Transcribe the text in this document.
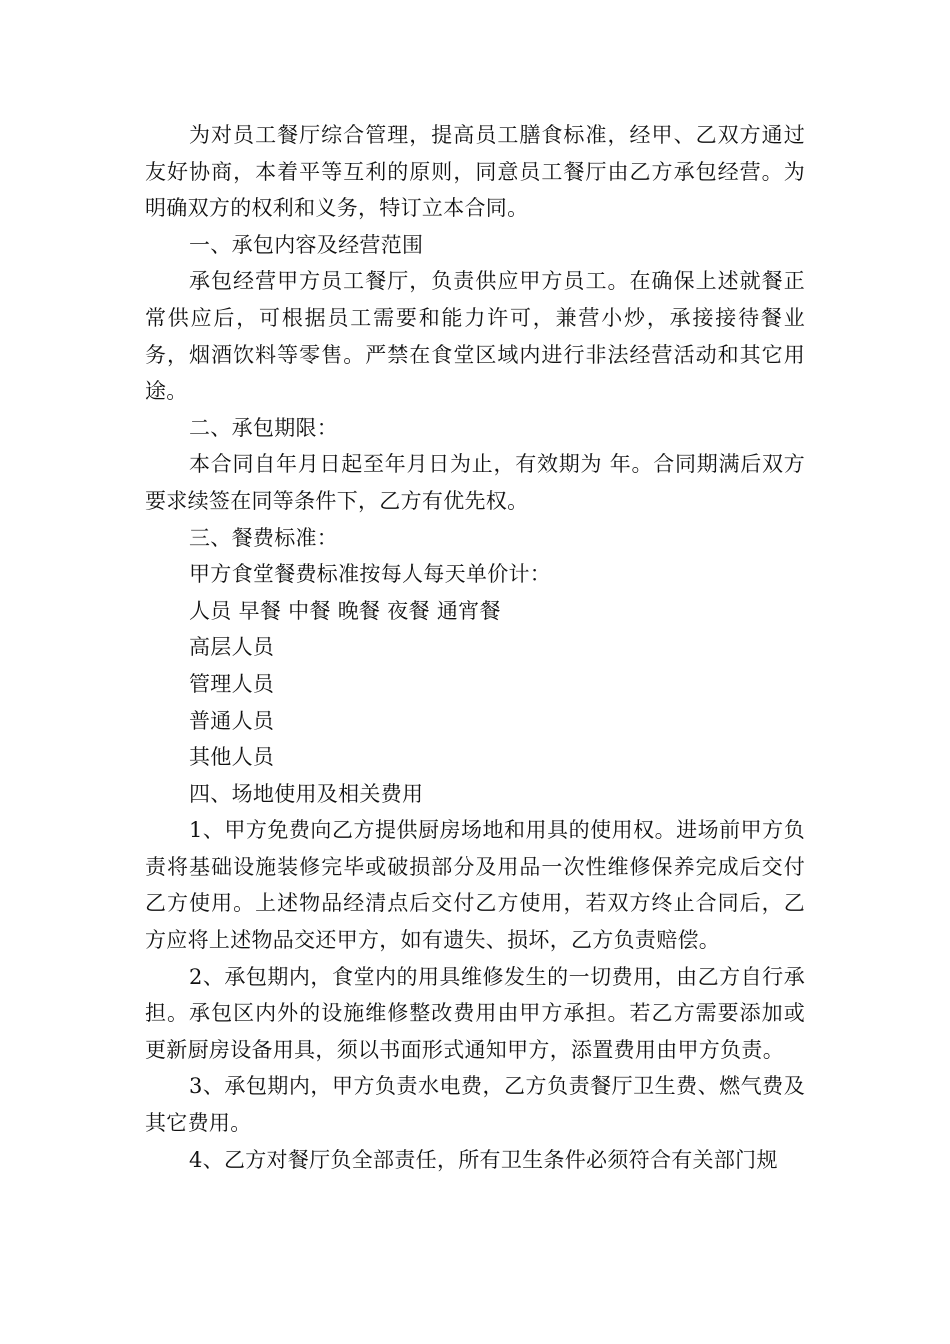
为对员工餐厅综合管理，提高员工膳食标准，经甲、乙双方通过友好协商，本着平等互利的原则，同意员工餐厅由乙方承包经营。为明确双方的权利和义务，特订立本合同。

一、承包内容及经营范围

承包经营甲方员工餐厅，负责供应甲方员工。在确保上述就餐正常供应后，可根据员工需要和能力许可，兼营小炒，承接接待餐业务，烟酒饮料等零售。严禁在食堂区域内进行非法经营活动和其它用途。

二、承包期限：

本合同自年月日起至年月日为止，有效期为 年。合同期满后双方要求续签在同等条件下，乙方有优先权。

三、餐费标准：

甲方食堂餐费标准按每人每天单价计：

人员 早餐 中餐 晚餐 夜餐 通宵餐

高层人员

管理人员

普通人员

其他人员

四、场地使用及相关费用

1、甲方免费向乙方提供厨房场地和用具的使用权。进场前甲方负责将基础设施装修完毕或破损部分及用品一次性维修保养完成后交付乙方使用。上述物品经清点后交付乙方使用，若双方终止合同后，乙方应将上述物品交还甲方，如有遗失、损坏，乙方负责赔偿。

2、承包期内，食堂内的用具维修发生的一切费用，由乙方自行承担。承包区内外的设施维修整改费用由甲方承担。若乙方需要添加或更新厨房设备用具，须以书面形式通知甲方，添置费用由甲方负责。

3、承包期内，甲方负责水电费，乙方负责餐厅卫生费、燃气费及其它费用。

4、乙方对餐厅负全部责任，所有卫生条件必须符合有关部门规
